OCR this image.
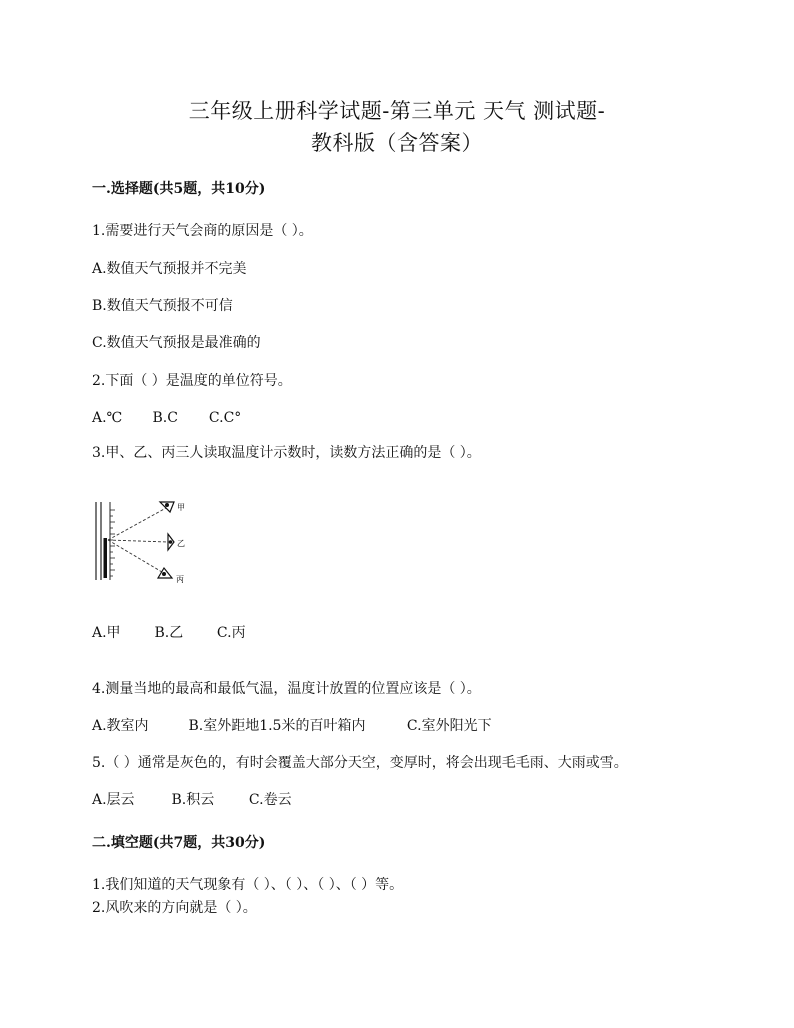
三年级上册科学试题-第三单元 天气 测试题-
教科版（含答案）
一.选择题(共5题，共10分)
1.需要进行天气会商的原因是（ ）。
A.数值天气预报并不完美
B.数值天气预报不可信
C.数值天气预报是最准确的
2.下面（ ）是温度的单位符号。
A.℃ B.C C.C°
3.甲、乙、丙三人读取温度计示数时，读数方法正确的是（ ）。
甲
乙
丙
A.甲 B.乙 C.丙
4.测量当地的最高和最低气温，温度计放置的位置应该是（ ）。
A.教室内	B.室外距地1.5米的百叶箱内	C.室外阳光下
5.（ ）通常是灰色的，有时会覆盖大部分天空，变厚时，将会出现毛毛雨、大雨或雪。
A.层云	B.积云 C.卷云
二.填空题(共7题，共30分)
1.我们知道的天气现象有（ ）、（ ）、（ ）、（ ）等。
2.风吹来的方向就是（ ）。
